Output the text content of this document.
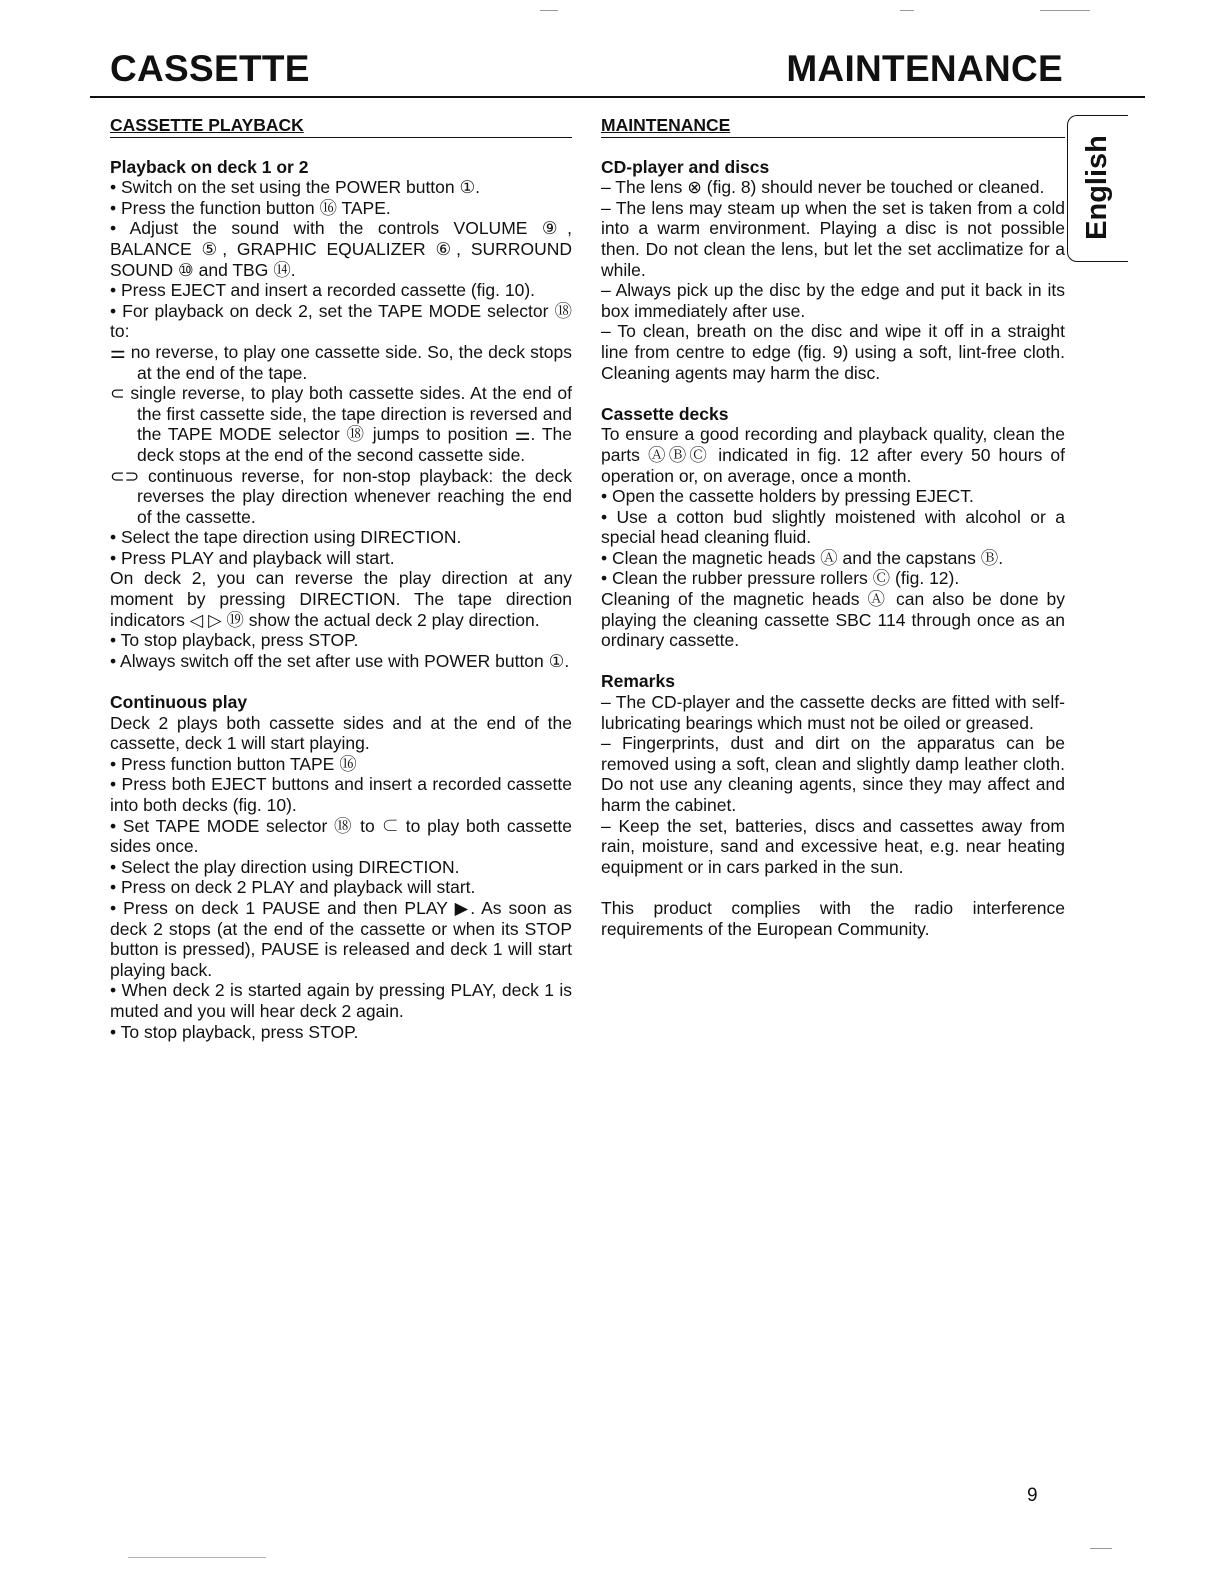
CASSETTE	MAINTENANCE
CASSETTE PLAYBACK

Playback on deck 1 or 2

• Switch on the set using the POWER button ①.

• Press the function button ⑯ TAPE.

• Adjust the sound with the controls VOLUME ⑨, BALANCE ⑤, GRAPHIC EQUALIZER ⑥, SURROUND SOUND ⑩ and TBG ⑭.

• Press EJECT and insert a recorded cassette (fig. 10).

• For playback on deck 2, set the TAPE MODE selector ⑱ to:

⚌ no reverse, to play one cassette side. So, the deck stops at the end of the tape.

⊂ single reverse, to play both cassette sides. At the end of the first cassette side, the tape direction is reversed and the TAPE MODE selector ⑱ jumps to position ⚌. The deck stops at the end of the second cassette side.

⊂⊃ continuous reverse, for non-stop playback: the deck reverses the play direction whenever reaching the end of the cassette.

• Select the tape direction using DIRECTION.

• Press PLAY and playback will start.

On deck 2, you can reverse the play direction at any moment by pressing DIRECTION. The tape direction indicators ◁ ▷ ⑲ show the actual deck 2 play direction.

• To stop playback, press STOP.

• Always switch off the set after use with POWER button ①.

Continuous play

Deck 2 plays both cassette sides and at the end of the cassette, deck 1 will start playing.

• Press function button TAPE ⑯

• Press both EJECT buttons and insert a recorded cassette into both decks (fig. 10).

• Set TAPE MODE selector ⑱ to ⊂ to play both cassette sides once.

• Select the play direction using DIRECTION.

• Press on deck 2 PLAY and playback will start.

• Press on deck 1 PAUSE and then PLAY ▶. As soon as deck 2 stops (at the end of the cassette or when its STOP button is pressed), PAUSE is released and deck 1 will start playing back.

• When deck 2 is started again by pressing PLAY, deck 1 is muted and you will hear deck 2 again.

• To stop playback, press STOP.

MAINTENANCE

CD-player and discs

– The lens ⊗ (fig. 8) should never be touched or cleaned.

– The lens may steam up when the set is taken from a cold into a warm environment. Playing a disc is not possible then. Do not clean the lens, but let the set acclimatize for a while.

– Always pick up the disc by the edge and put it back in its box immediately after use.

– To clean, breath on the disc and wipe it off in a straight line from centre to edge (fig. 9) using a soft, lint-free cloth. Cleaning agents may harm the disc.

Cassette decks

To ensure a good recording and playback quality, clean the parts ⒶⒷⒸ indicated in fig. 12 after every 50 hours of operation or, on average, once a month.

• Open the cassette holders by pressing EJECT.

• Use a cotton bud slightly moistened with alcohol or a special head cleaning fluid.

• Clean the magnetic heads Ⓐ and the capstans Ⓑ.

• Clean the rubber pressure rollers Ⓒ (fig. 12).

Cleaning of the magnetic heads Ⓐ can also be done by playing the cleaning cassette SBC 114 through once as an ordinary cassette.

Remarks

– The CD-player and the cassette decks are fitted with self-lubricating bearings which must not be oiled or greased.

– Fingerprints, dust and dirt on the apparatus can be removed using a soft, clean and slightly damp leather cloth. Do not use any cleaning agents, since they may affect and harm the cabinet.

– Keep the set, batteries, discs and cassettes away from rain, moisture, sand and excessive heat, e.g. near heating equipment or in cars parked in the sun.

This product complies with the radio interference requirements of the European Community.

English
9
